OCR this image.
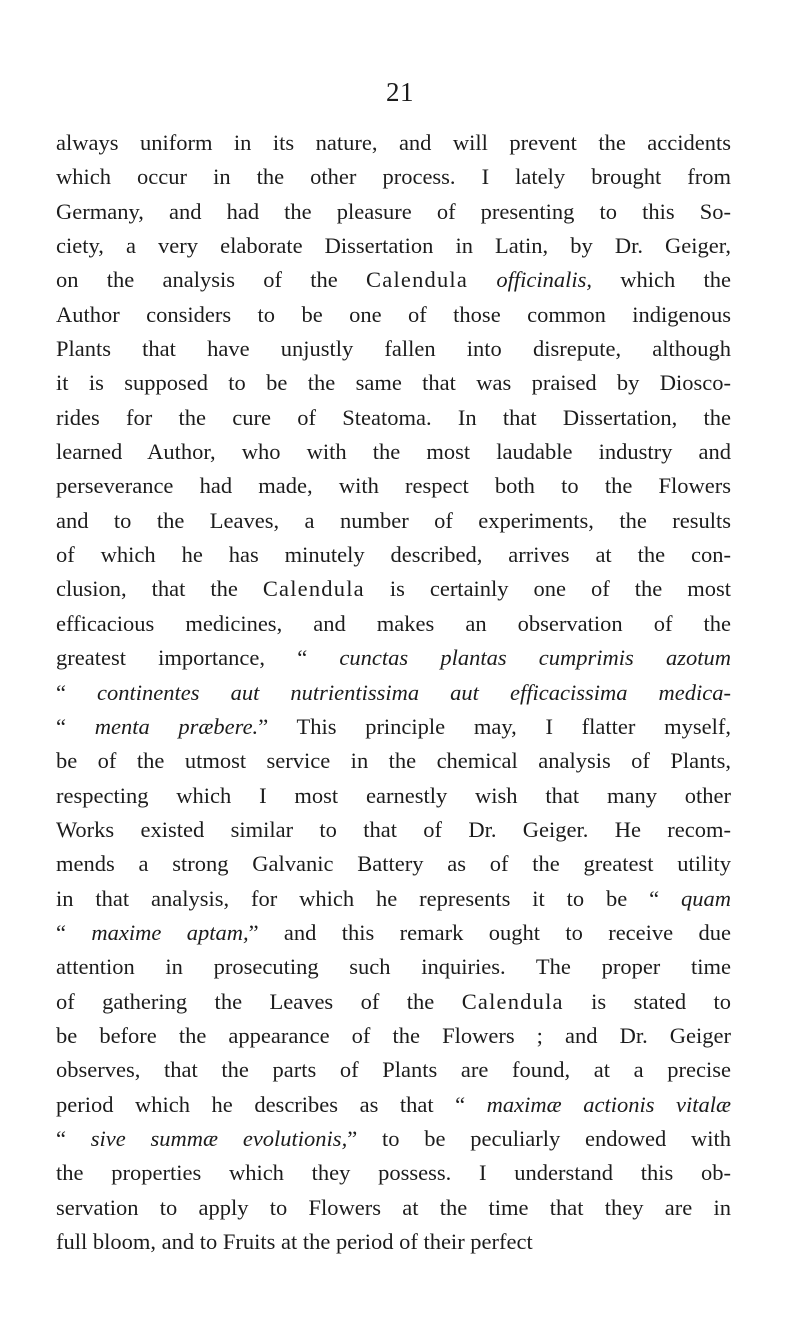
21
always uniform in its nature, and will prevent the accidents
which occur in the other process. I lately brought from
Germany, and had the pleasure of presenting to this So-
ciety, a very elaborate Dissertation in Latin, by Dr. Geiger,
on the analysis of the Calendula officinalis, which the
Author considers to be one of those common indigenous
Plants that have unjustly fallen into disrepute, although
it is supposed to be the same that was praised by Diosco-
rides for the cure of Steatoma. In that Dissertation, the
learned Author, who with the most laudable industry and
perseverance had made, with respect both to the Flowers
and to the Leaves, a number of experiments, the results
of which he has minutely described, arrives at the con-
clusion, that the Calendula is certainly one of the most
efficacious medicines, and makes an observation of the
greatest importance, “ cunctas plantas cumprimis azotum
“ continentes aut nutrientissima aut efficacissima medica-
“ menta præbere.” This principle may, I flatter myself,
be of the utmost service in the chemical analysis of Plants,
respecting which I most earnestly wish that many other
Works existed similar to that of Dr. Geiger. He recom-
mends a strong Galvanic Battery as of the greatest utility
in that analysis, for which he represents it to be “ quam
“ maxime aptam,” and this remark ought to receive due
attention in prosecuting such inquiries. The proper time
of gathering the Leaves of the Calendula is stated to
be before the appearance of the Flowers ; and Dr. Geiger
observes, that the parts of Plants are found, at a precise
period which he describes as that “ maximæ actionis vitalæ
“ sive summæ evolutionis,” to be peculiarly endowed with
the properties which they possess. I understand this ob-
servation to apply to Flowers at the time that they are in
full bloom, and to Fruits at the period of their perfect
